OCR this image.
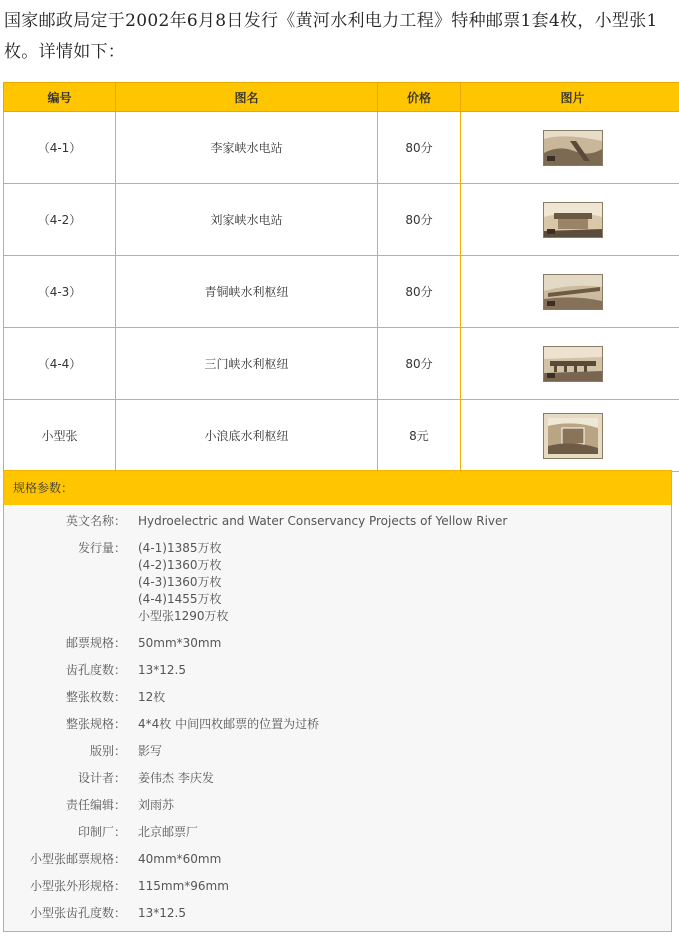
国家邮政局定于2002年6月8日发行《黄河水利电力工程》特种邮票1套4枚，小型张1枚。详情如下：
编号	图名	价格	图片
（4-1）	李家峡水电站	80分	
（4-2）	刘家峡水电站	80分	
（4-3）	青铜峡水利枢纽	80分	
（4-4）	三门峡水利枢纽	80分	
小型张	小浪底水利枢纽	8元	
规格参数：
英文名称：	Hydroelectric and Water Conservancy Projects of Yellow River
发行量：	(4-1)1385万枚
(4-2)1360万枚
(4-3)1360万枚
(4-4)1455万枚
小型张1290万枚
邮票规格：	50mm*30mm
齿孔度数：	13*12.5
整张枚数：	12枚
整张规格：	4*4枚 中间四枚邮票的位置为过桥
版别：	影写
设计者：	姜伟杰 李庆发
责任编辑：	刘雨苏
印制厂：	北京邮票厂
小型张邮票规格：	40mm*60mm
小型张外形规格：	115mm*96mm
小型张齿孔度数：	13*12.5
